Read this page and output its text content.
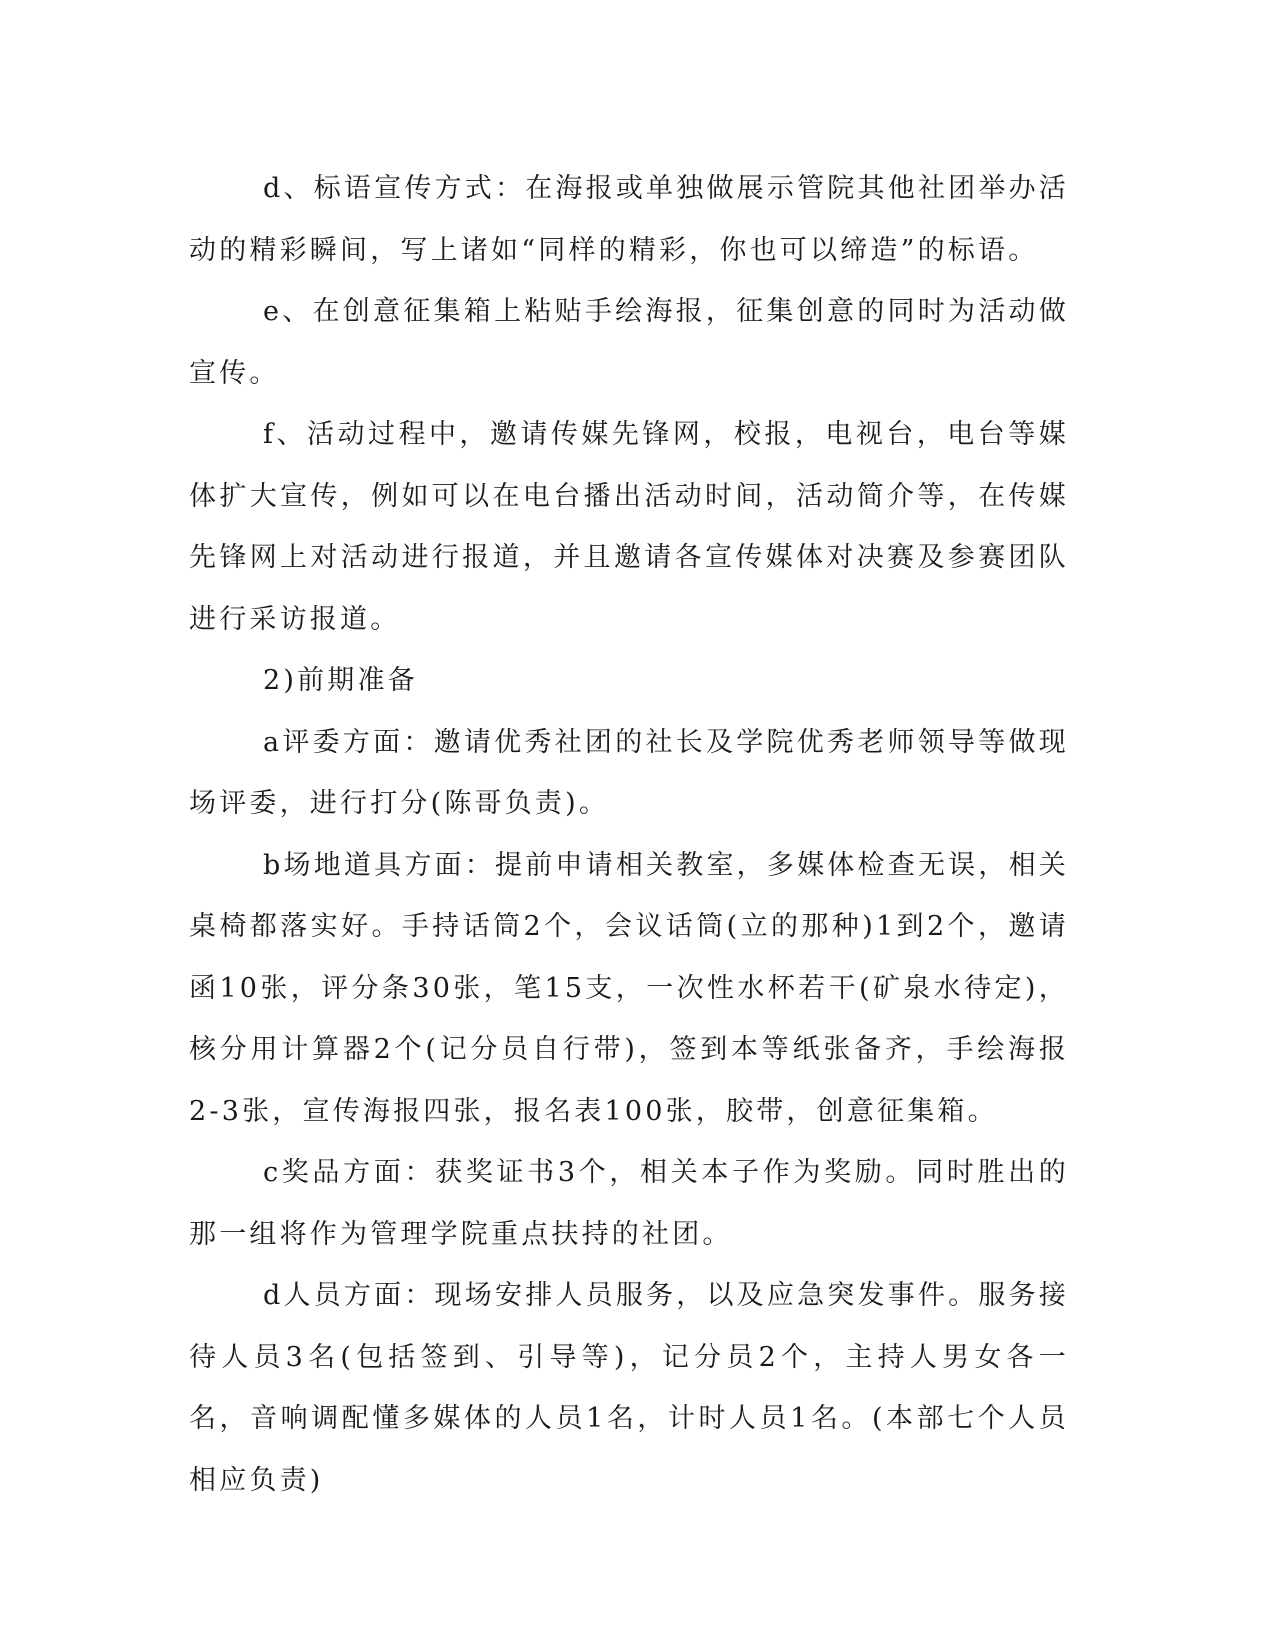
d、标语宣传方式：在海报或单独做展示管院其他社团举办活动的精彩瞬间，写上诸如“同样的精彩，你也可以缔造”的标语。

e、在创意征集箱上粘贴手绘海报，征集创意的同时为活动做宣传。

f、活动过程中，邀请传媒先锋网，校报，电视台，电台等媒体扩大宣传，例如可以在电台播出活动时间，活动简介等，在传媒先锋网上对活动进行报道，并且邀请各宣传媒体对决赛及参赛团队进行采访报道。

2)前期准备

a评委方面：邀请优秀社团的社长及学院优秀老师领导等做现场评委，进行打分(陈哥负责)。

b场地道具方面：提前申请相关教室，多媒体检查无误，相关桌椅都落实好。手持话筒2个，会议话筒(立的那种)1到2个，邀请函10张，评分条30张，笔15支，一次性水杯若干(矿泉水待定)，核分用计算器2个(记分员自行带)，签到本等纸张备齐，手绘海报2-3张，宣传海报四张，报名表100张，胶带，创意征集箱。

c奖品方面：获奖证书3个，相关本子作为奖励。同时胜出的那一组将作为管理学院重点扶持的社团。

d人员方面：现场安排人员服务，以及应急突发事件。服务接待人员3名(包括签到、引导等)，记分员2个，主持人男女各一名，音响调配懂多媒体的人员1名，计时人员1名。(本部七个人员相应负责)
